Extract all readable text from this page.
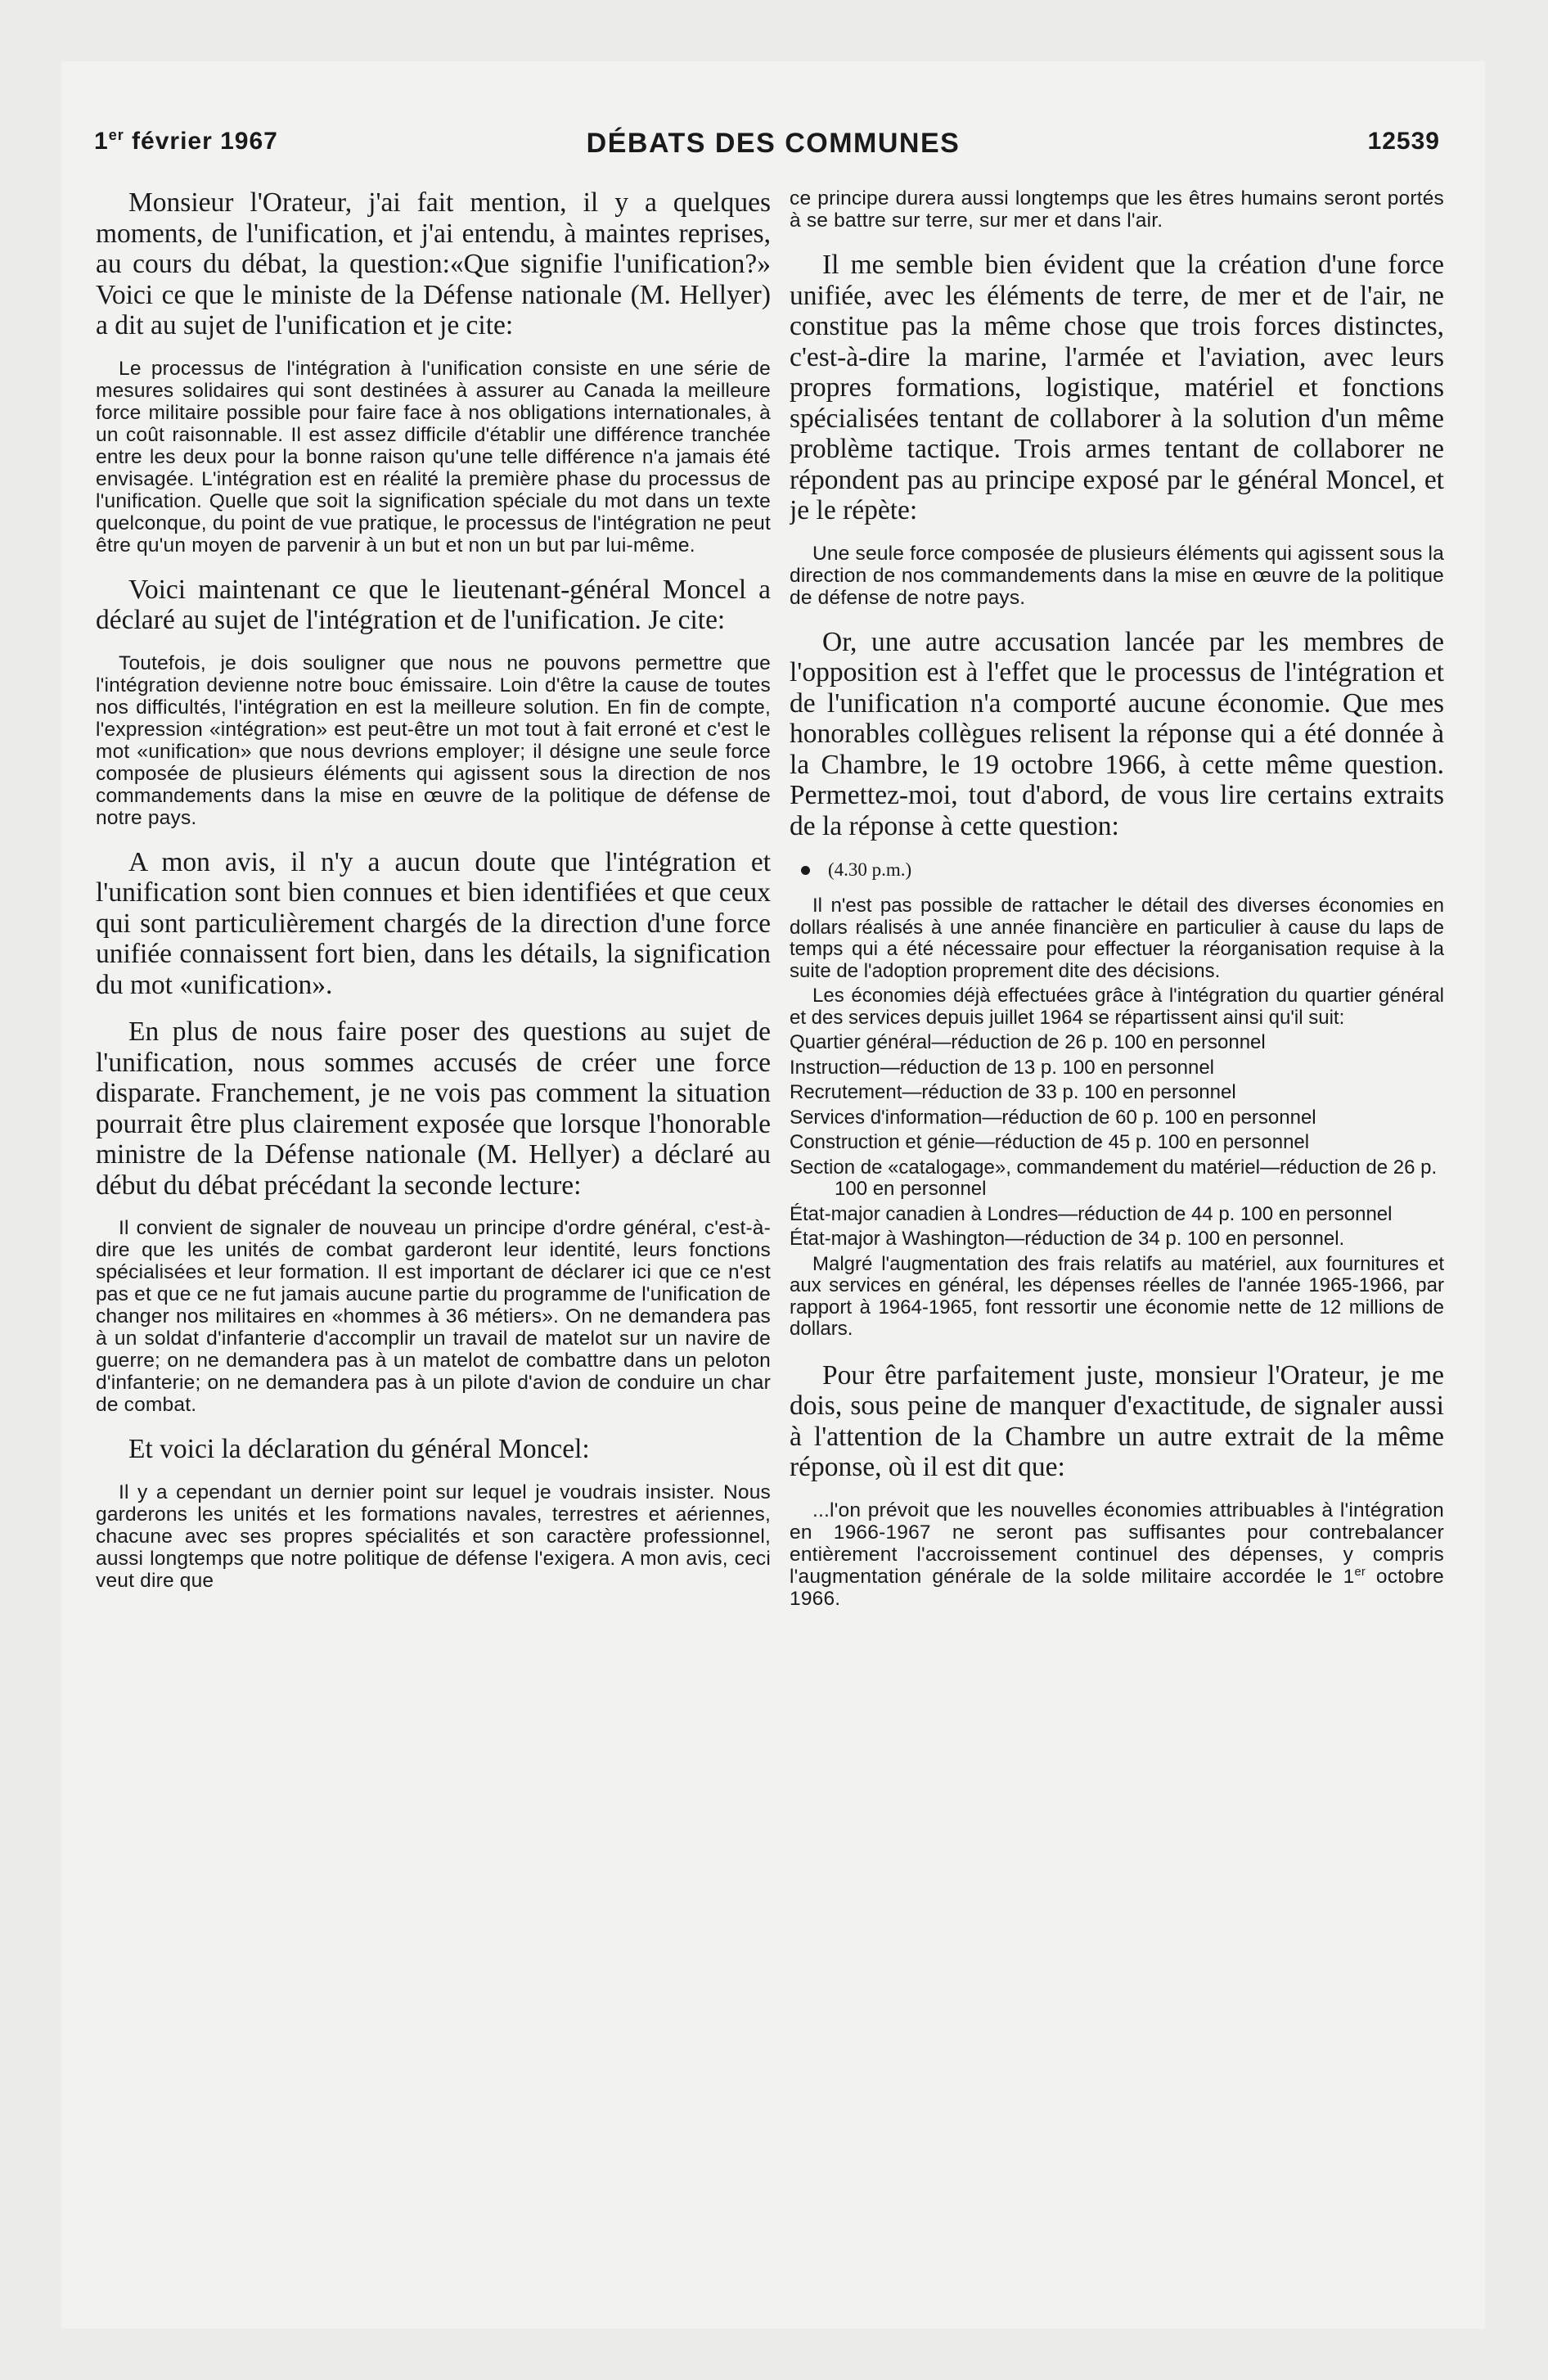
1er février 1967	DÉBATS DES COMMUNES	12539

Monsieur l'Orateur, j'ai fait mention, il y a quelques moments, de l'unification, et j'ai entendu, à maintes reprises, au cours du débat, la question:«Que signifie l'unification?» Voici ce que le ministe de la Défense nationale (M. Hellyer) a dit au sujet de l'unification et je cite:

Le processus de l'intégration à l'unification consiste en une série de mesures solidaires qui sont destinées à assurer au Canada la meilleure force militaire possible pour faire face à nos obligations internationales, à un coût raisonnable. Il est assez difficile d'établir une différence tranchée entre les deux pour la bonne raison qu'une telle différence n'a jamais été envisagée. L'intégration est en réalité la première phase du processus de l'unification. Quelle que soit la signification spéciale du mot dans un texte quelconque, du point de vue pratique, le processus de l'intégration ne peut être qu'un moyen de parvenir à un but et non un but par lui-même.

Voici maintenant ce que le lieutenant-général Moncel a déclaré au sujet de l'intégration et de l'unification. Je cite:

Toutefois, je dois souligner que nous ne pouvons permettre que l'intégration devienne notre bouc émissaire. Loin d'être la cause de toutes nos difficultés, l'intégration en est la meilleure solution. En fin de compte, l'expression «intégration» est peut-être un mot tout à fait erroné et c'est le mot «unification» que nous devrions employer; il désigne une seule force composée de plusieurs éléments qui agissent sous la direction de nos commandements dans la mise en œuvre de la politique de défense de notre pays.

A mon avis, il n'y a aucun doute que l'intégration et l'unification sont bien connues et bien identifiées et que ceux qui sont particulièrement chargés de la direction d'une force unifiée connaissent fort bien, dans les détails, la signification du mot «unification».

En plus de nous faire poser des questions au sujet de l'unification, nous sommes accusés de créer une force disparate. Franchement, je ne vois pas comment la situation pourrait être plus clairement exposée que lorsque l'honorable ministre de la Défense nationale (M. Hellyer) a déclaré au début du débat précédant la seconde lecture:

Il convient de signaler de nouveau un principe d'ordre général, c'est-à-dire que les unités de combat garderont leur identité, leurs fonctions spécialisées et leur formation. Il est important de déclarer ici que ce n'est pas et que ce ne fut jamais aucune partie du programme de l'unification de changer nos militaires en «hommes à 36 métiers». On ne demandera pas à un soldat d'infanterie d'accomplir un travail de matelot sur un navire de guerre; on ne demandera pas à un matelot de combattre dans un peloton d'infanterie; on ne demandera pas à un pilote d'avion de conduire un char de combat.

Et voici la déclaration du général Moncel:

Il y a cependant un dernier point sur lequel je voudrais insister. Nous garderons les unités et les formations navales, terrestres et aériennes, chacune avec ses propres spécialités et son caractère professionnel, aussi longtemps que notre politique de défense l'exigera. A mon avis, ceci veut dire que

ce principe durera aussi longtemps que les êtres humains seront portés à se battre sur terre, sur mer et dans l'air.

Il me semble bien évident que la création d'une force unifiée, avec les éléments de terre, de mer et de l'air, ne constitue pas la même chose que trois forces distinctes, c'est-à-dire la marine, l'armée et l'aviation, avec leurs propres formations, logistique, matériel et fonctions spécialisées tentant de collaborer à la solution d'un même problème tactique. Trois armes tentant de collaborer ne répondent pas au principe exposé par le général Moncel, et je le répète:

Une seule force composée de plusieurs éléments qui agissent sous la direction de nos commandements dans la mise en œuvre de la politique de défense de notre pays.

Or, une autre accusation lancée par les membres de l'opposition est à l'effet que le processus de l'intégration et de l'unification n'a comporté aucune économie. Que mes honorables collègues relisent la réponse qui a été donnée à la Chambre, le 19 octobre 1966, à cette même question. Permettez-moi, tout d'abord, de vous lire certains extraits de la réponse à cette question:

(4.30 p.m.)

Il n'est pas possible de rattacher le détail des diverses économies en dollars réalisés à une année financière en particulier à cause du laps de temps qui a été nécessaire pour effectuer la réorganisation requise à la suite de l'adoption proprement dite des décisions.

Les économies déjà effectuées grâce à l'intégration du quartier général et des services depuis juillet 1964 se répartissent ainsi qu'il suit:

Quartier général—réduction de 26 p. 100 en personnel

Instruction—réduction de 13 p. 100 en personnel

Recrutement—réduction de 33 p. 100 en personnel

Services d'information—réduction de 60 p. 100 en personnel

Construction et génie—réduction de 45 p. 100 en personnel

Section de «catalogage», commandement du matériel—réduction de 26 p. 100 en personnel

État-major canadien à Londres—réduction de 44 p. 100 en personnel

État-major à Washington—réduction de 34 p. 100 en personnel.

Malgré l'augmentation des frais relatifs au matériel, aux fournitures et aux services en général, les dépenses réelles de l'année 1965-1966, par rapport à 1964-1965, font ressortir une économie nette de 12 millions de dollars.

Pour être parfaitement juste, monsieur l'Orateur, je me dois, sous peine de manquer d'exactitude, de signaler aussi à l'attention de la Chambre un autre extrait de la même réponse, où il est dit que:

...l'on prévoit que les nouvelles économies attribuables à l'intégration en 1966-1967 ne seront pas suffisantes pour contrebalancer entièrement l'accroissement continuel des dépenses, y compris l'augmentation générale de la solde militaire accordée le 1er octobre 1966.
